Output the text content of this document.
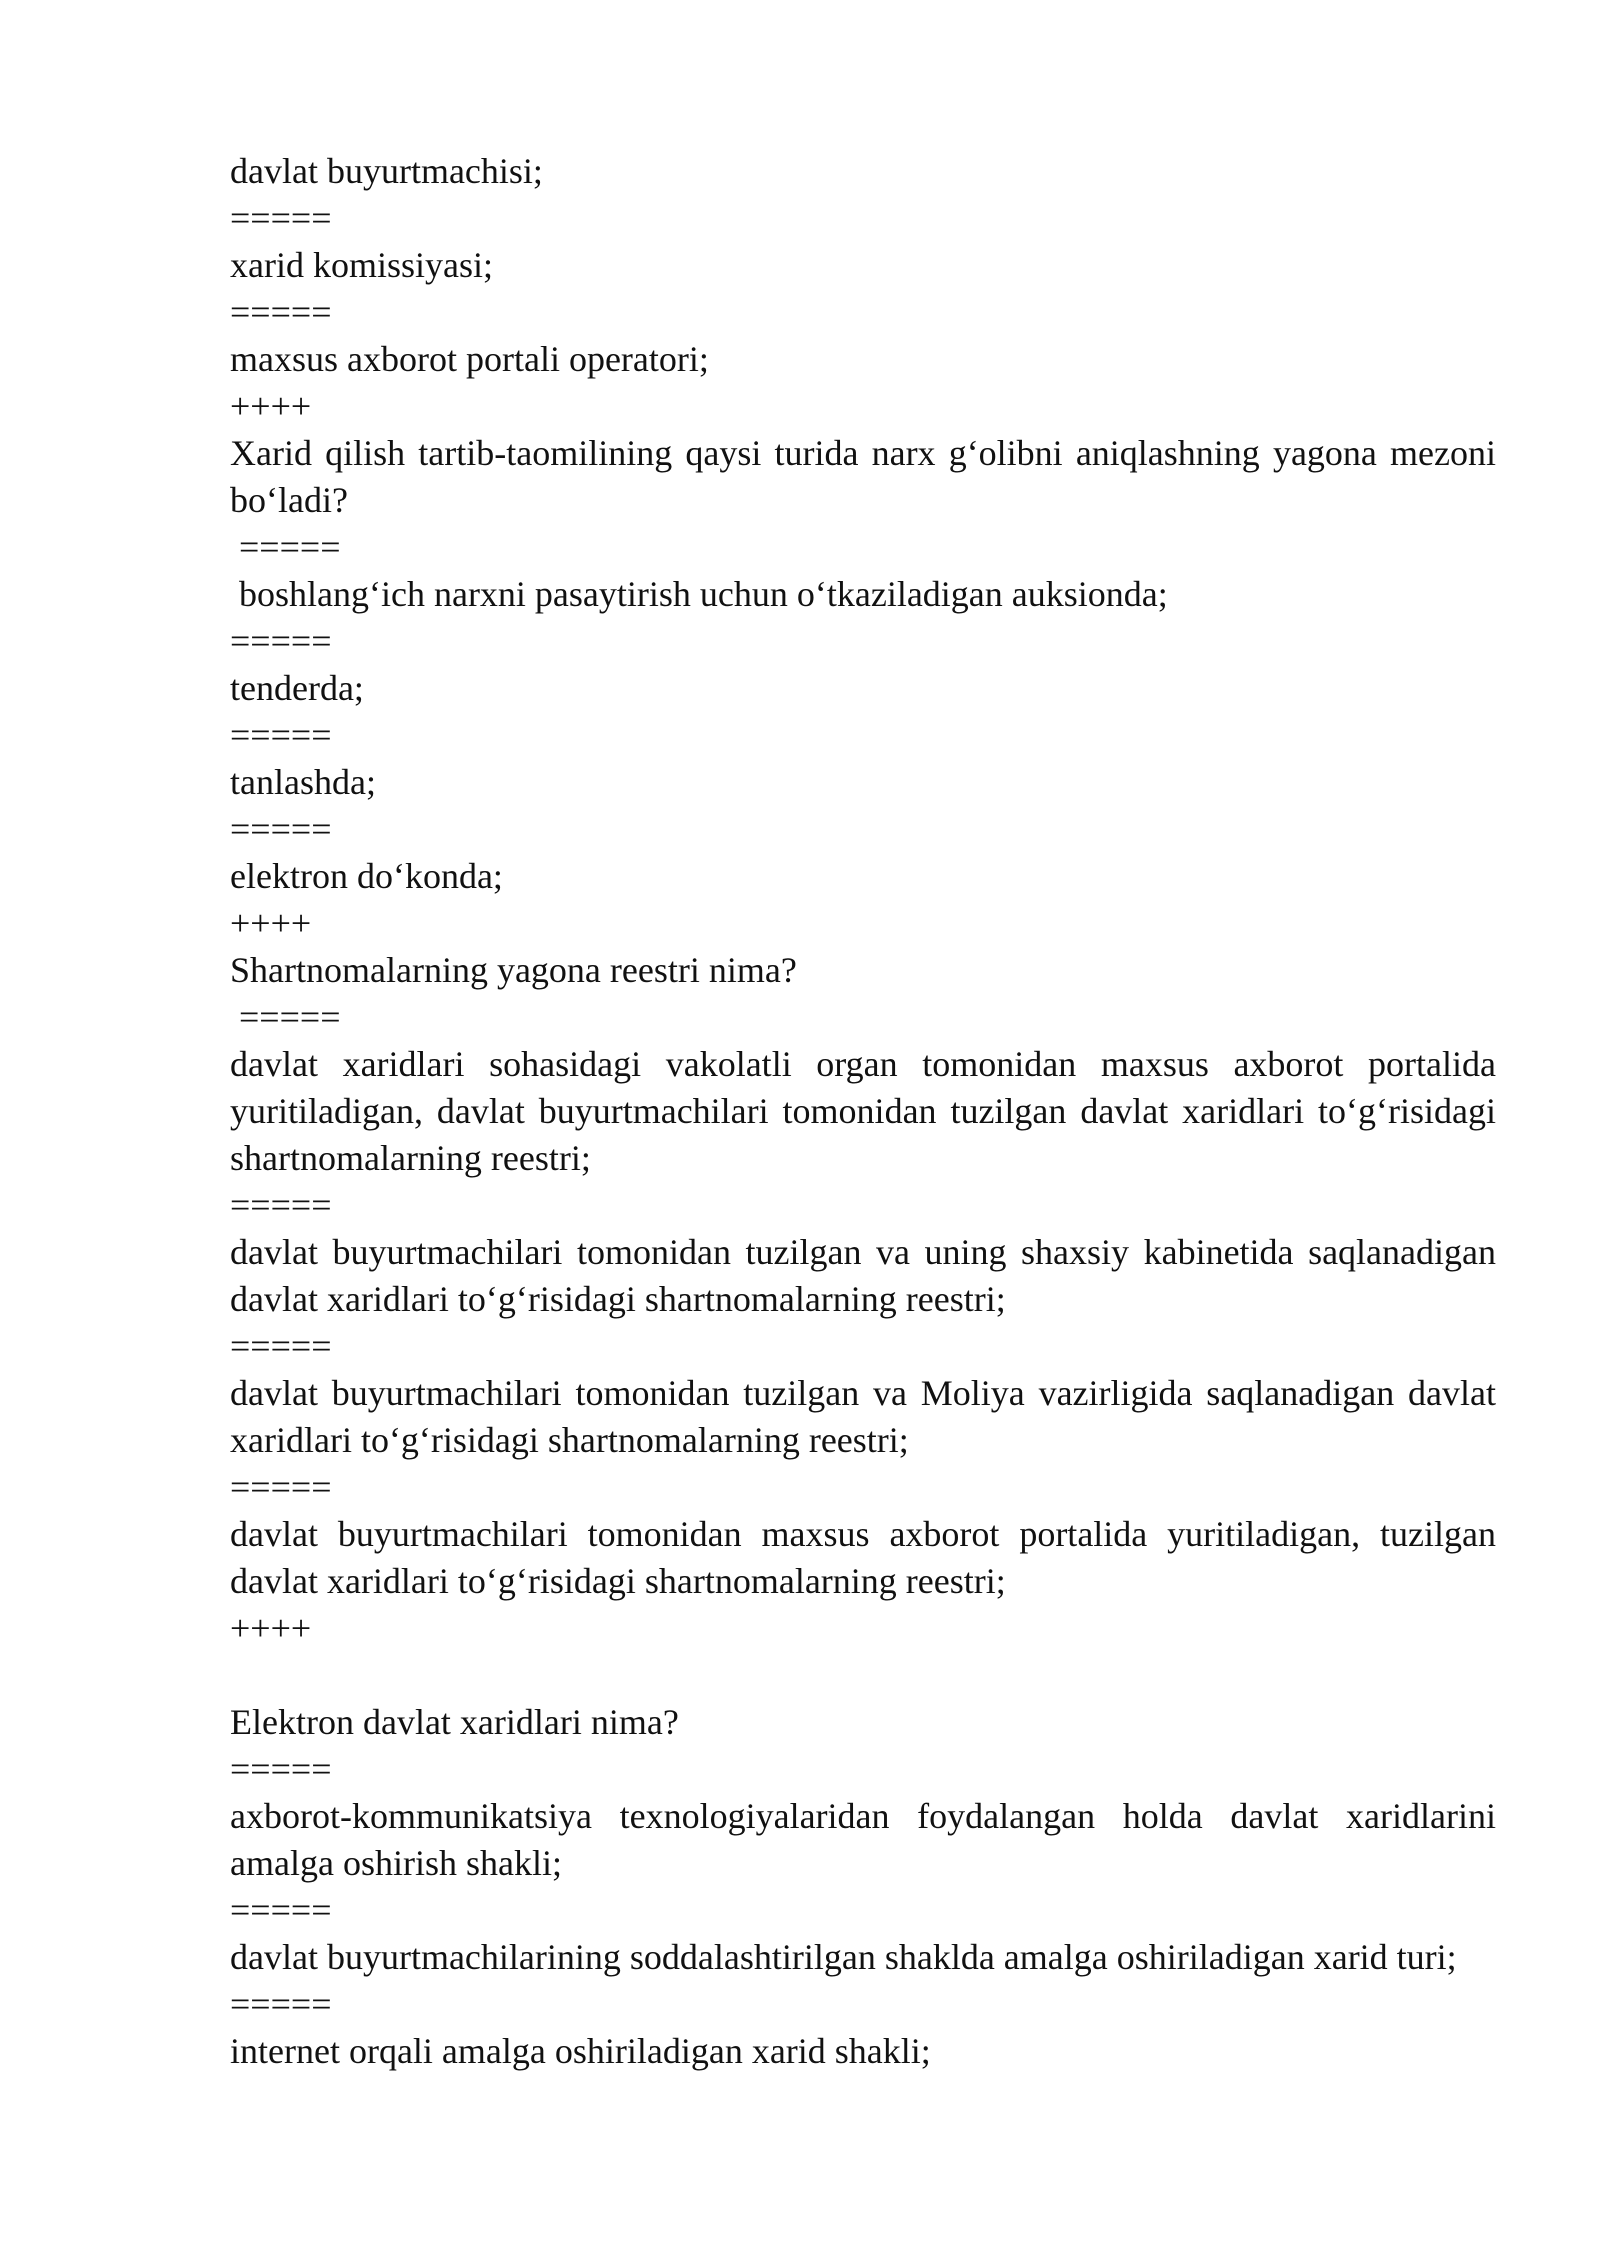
davlat buyurtmachisi;

=====

xarid komissiyasi;

=====

maxsus axborot portali operatori;

++++

Xarid qilish tartib-taomilining qaysi turida narx g‘olibni aniqlashning yagona mezoni bo‘ladi?

=====

boshlang‘ich narxni pasaytirish uchun o‘tkaziladigan auksionda;

=====

tenderda;

=====

tanlashda;

=====

elektron do‘konda;

++++

Shartnomalarning yagona reestri nima?

=====

davlat xaridlari sohasidagi vakolatli organ tomonidan maxsus axborot portalida yuritiladigan, davlat buyurtmachilari tomonidan tuzilgan davlat xaridlari to‘g‘risidagi shartnomalarning reestri;

=====

davlat buyurtmachilari tomonidan tuzilgan va uning shaxsiy kabinetida saqlanadigan davlat xaridlari to‘g‘risidagi shartnomalarning reestri;

=====

davlat buyurtmachilari tomonidan tuzilgan va Moliya vazirligida saqlanadigan davlat xaridlari to‘g‘risidagi shartnomalarning reestri;

=====

davlat buyurtmachilari tomonidan maxsus axborot portalida yuritiladigan, tuzilgan davlat xaridlari to‘g‘risidagi shartnomalarning reestri;

++++

Elektron davlat xaridlari nima?

=====

axborot-kommunikatsiya texnologiyalaridan foydalangan holda davlat xaridlarini amalga oshirish shakli;

=====

davlat buyurtmachilarining soddalashtirilgan shaklda amalga oshiriladigan xarid turi;

=====

internet orqali amalga oshiriladigan xarid shakli;
